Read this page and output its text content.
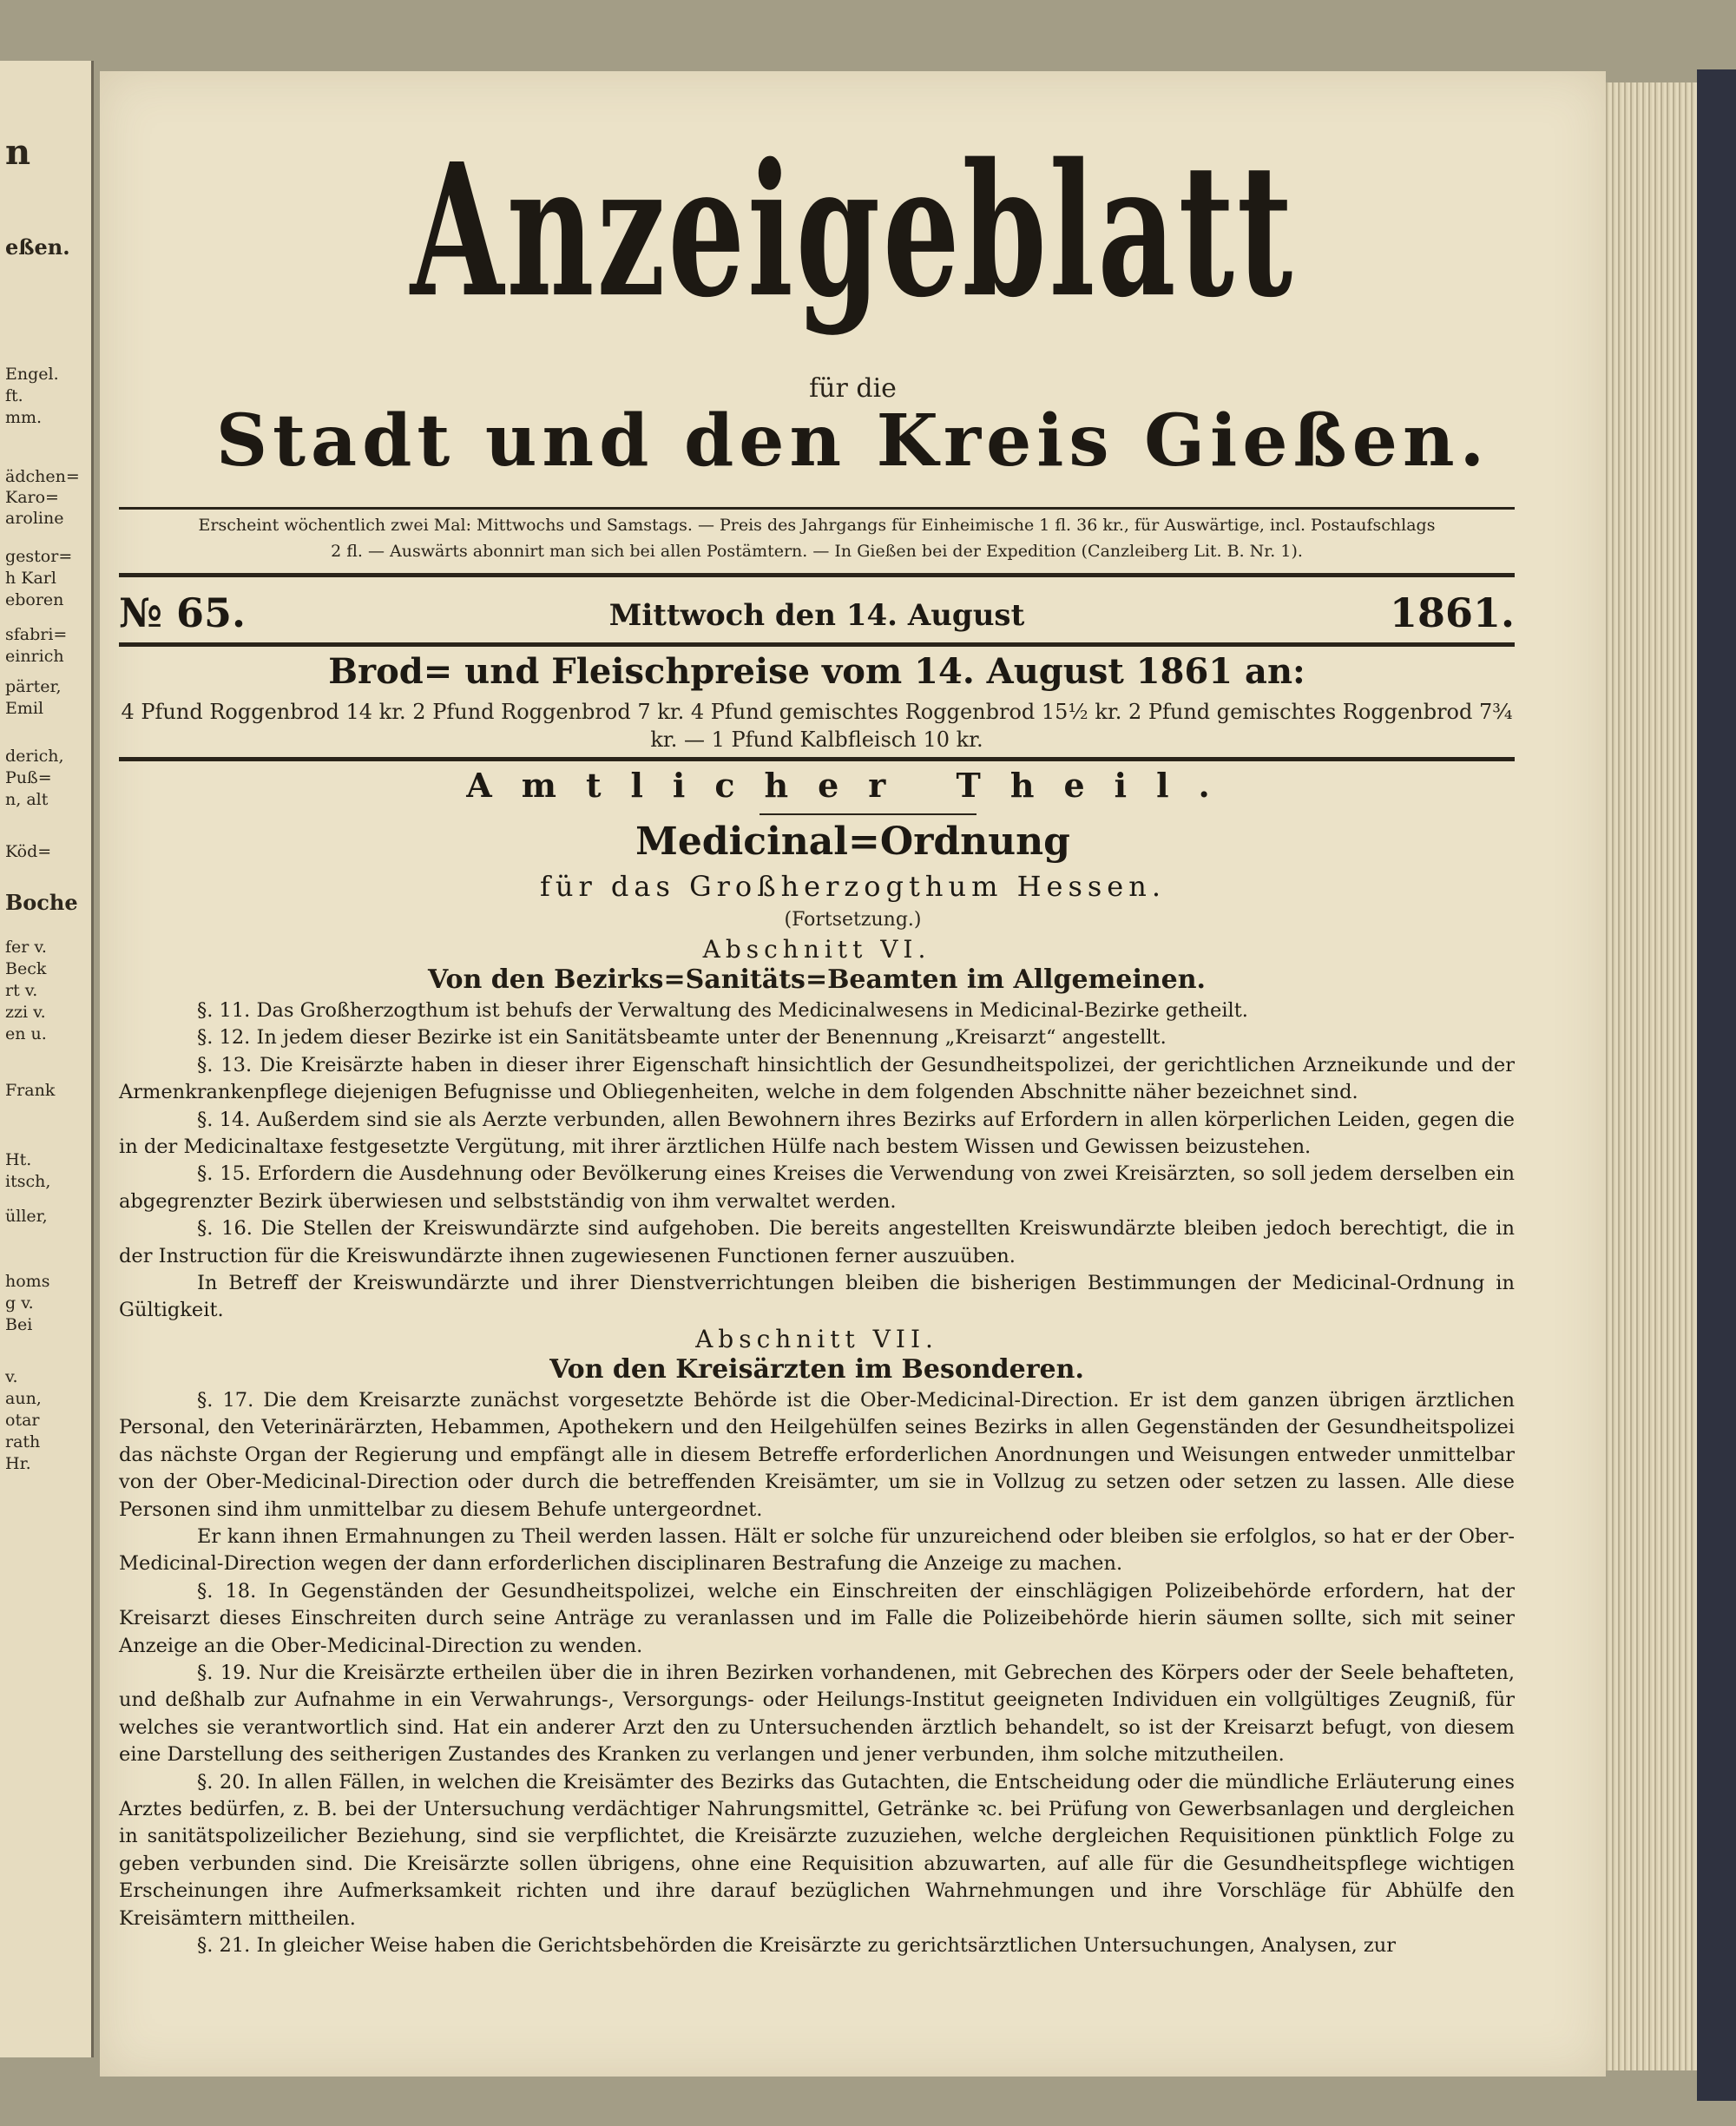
n
eßen.
Engel.
ft.
mm.
ädchen=
Karo=
aroline
gestor=
h Karl
eboren
sfabri=
einrich
pärter,
Emil
derich,
Puß=
n, alt
Köd=
Boche
fer v.
Beck
rt v.
zzi v.
en u.
Frank
Ht.
itsch,
üller,
homs
g v.
Bei
v.
aun,
otar
rath
Hr.
Anzeigeblatt
für die
Stadt und den Kreis Gießen.
Erscheint wöchentlich zwei Mal: Mittwochs und Samstags. — Preis des Jahrgangs für Einheimische 1 fl. 36 kr., für Auswärtige, incl. Postaufschlags
2 fl. — Auswärts abonnirt man sich bei allen Postämtern. — In Gießen bei der Expedition (Canzleiberg Lit. B. Nr. 1).
№ 65.	Mittwoch den 14. August	1861.
Brod= und Fleischpreise vom 14. August 1861 an:
4 Pfund Roggenbrod 14 kr. 2 Pfund Roggenbrod 7 kr. 4 Pfund gemischtes Roggenbrod 15½ kr. 2 Pfund gemischtes Roggenbrod 7¾ kr. — 1 Pfund Kalbfleisch 10 kr.
Amtlicher Theil.
Medicinal=Ordnung
für das Großherzogthum Hessen.
(Fortsetzung.)
Abschnitt VI.
Von den Bezirks=Sanitäts=Beamten im Allgemeinen.

§. 11. Das Großherzogthum ist behufs der Verwaltung des Medicinalwesens in Medicinal-Bezirke getheilt.

§. 12. In jedem dieser Bezirke ist ein Sanitätsbeamte unter der Benennung „Kreisarzt“ angestellt.

§. 13. Die Kreisärzte haben in dieser ihrer Eigenschaft hinsichtlich der Gesundheitspolizei, der gerichtlichen Arzneikunde und der Armenkrankenpflege diejenigen Befugnisse und Obliegenheiten, welche in dem folgenden Abschnitte näher bezeichnet sind.

§. 14. Außerdem sind sie als Aerzte verbunden, allen Bewohnern ihres Bezirks auf Erfordern in allen körperlichen Leiden, gegen die in der Medicinaltaxe festgesetzte Vergütung, mit ihrer ärztlichen Hülfe nach bestem Wissen und Gewissen beizustehen.

§. 15. Erfordern die Ausdehnung oder Bevölkerung eines Kreises die Verwendung von zwei Kreisärzten, so soll jedem derselben ein abgegrenzter Bezirk überwiesen und selbstständig von ihm verwaltet werden.

§. 16. Die Stellen der Kreiswundärzte sind aufgehoben. Die bereits angestellten Kreiswundärzte bleiben jedoch berechtigt, die in der Instruction für die Kreiswundärzte ihnen zugewiesenen Functionen ferner auszuüben.

In Betreff der Kreiswundärzte und ihrer Dienstverrichtungen bleiben die bisherigen Bestimmungen der Medicinal-Ordnung in Gültigkeit.

Abschnitt VII.
Von den Kreisärzten im Besonderen.

§. 17. Die dem Kreisarzte zunächst vorgesetzte Behörde ist die Ober-Medicinal-Direction. Er ist dem ganzen übrigen ärztlichen Personal, den Veterinärärzten, Hebammen, Apothekern und den Heilgehülfen seines Bezirks in allen Gegenständen der Gesundheitspolizei das nächste Organ der Regierung und empfängt alle in diesem Betreffe erforderlichen Anordnungen und Weisungen entweder unmittelbar von der Ober-Medicinal-Direction oder durch die betreffenden Kreisämter, um sie in Vollzug zu setzen oder setzen zu lassen. Alle diese Personen sind ihm unmittelbar zu diesem Behufe untergeordnet.

Er kann ihnen Ermahnungen zu Theil werden lassen. Hält er solche für unzureichend oder bleiben sie erfolglos, so hat er der Ober-Medicinal-Direction wegen der dann erforderlichen disciplinaren Bestrafung die Anzeige zu machen.

§. 18. In Gegenständen der Gesundheitspolizei, welche ein Einschreiten der einschlägigen Polizeibehörde erfordern, hat der Kreisarzt dieses Einschreiten durch seine Anträge zu veranlassen und im Falle die Polizeibehörde hierin säumen sollte, sich mit seiner Anzeige an die Ober-Medicinal-Direction zu wenden.

§. 19. Nur die Kreisärzte ertheilen über die in ihren Bezirken vorhandenen, mit Gebrechen des Körpers oder der Seele behafteten, und deßhalb zur Aufnahme in ein Verwahrungs-, Versorgungs- oder Heilungs-Institut geeigneten Individuen ein vollgültiges Zeugniß, für welches sie verantwortlich sind. Hat ein anderer Arzt den zu Untersuchenden ärztlich behandelt, so ist der Kreisarzt befugt, von diesem eine Darstellung des seitherigen Zustandes des Kranken zu verlangen und jener verbunden, ihm solche mitzutheilen.

§. 20. In allen Fällen, in welchen die Kreisämter des Bezirks das Gutachten, die Entscheidung oder die mündliche Erläuterung eines Arztes bedürfen, z. B. bei der Untersuchung verdächtiger Nahrungsmittel, Getränke ꝛc. bei Prüfung von Gewerbsanlagen und dergleichen in sanitätspolizeilicher Beziehung, sind sie verpflichtet, die Kreisärzte zuzuziehen, welche dergleichen Requisitionen pünktlich Folge zu geben verbunden sind. Die Kreisärzte sollen übrigens, ohne eine Requisition abzuwarten, auf alle für die Gesundheitspflege wichtigen Erscheinungen ihre Aufmerksamkeit richten und ihre darauf bezüglichen Wahrnehmungen und ihre Vorschläge für Abhülfe den Kreisämtern mittheilen.

§. 21. In gleicher Weise haben die Gerichtsbehörden die Kreisärzte zu gerichtsärztlichen Untersuchungen, Analysen, zur
